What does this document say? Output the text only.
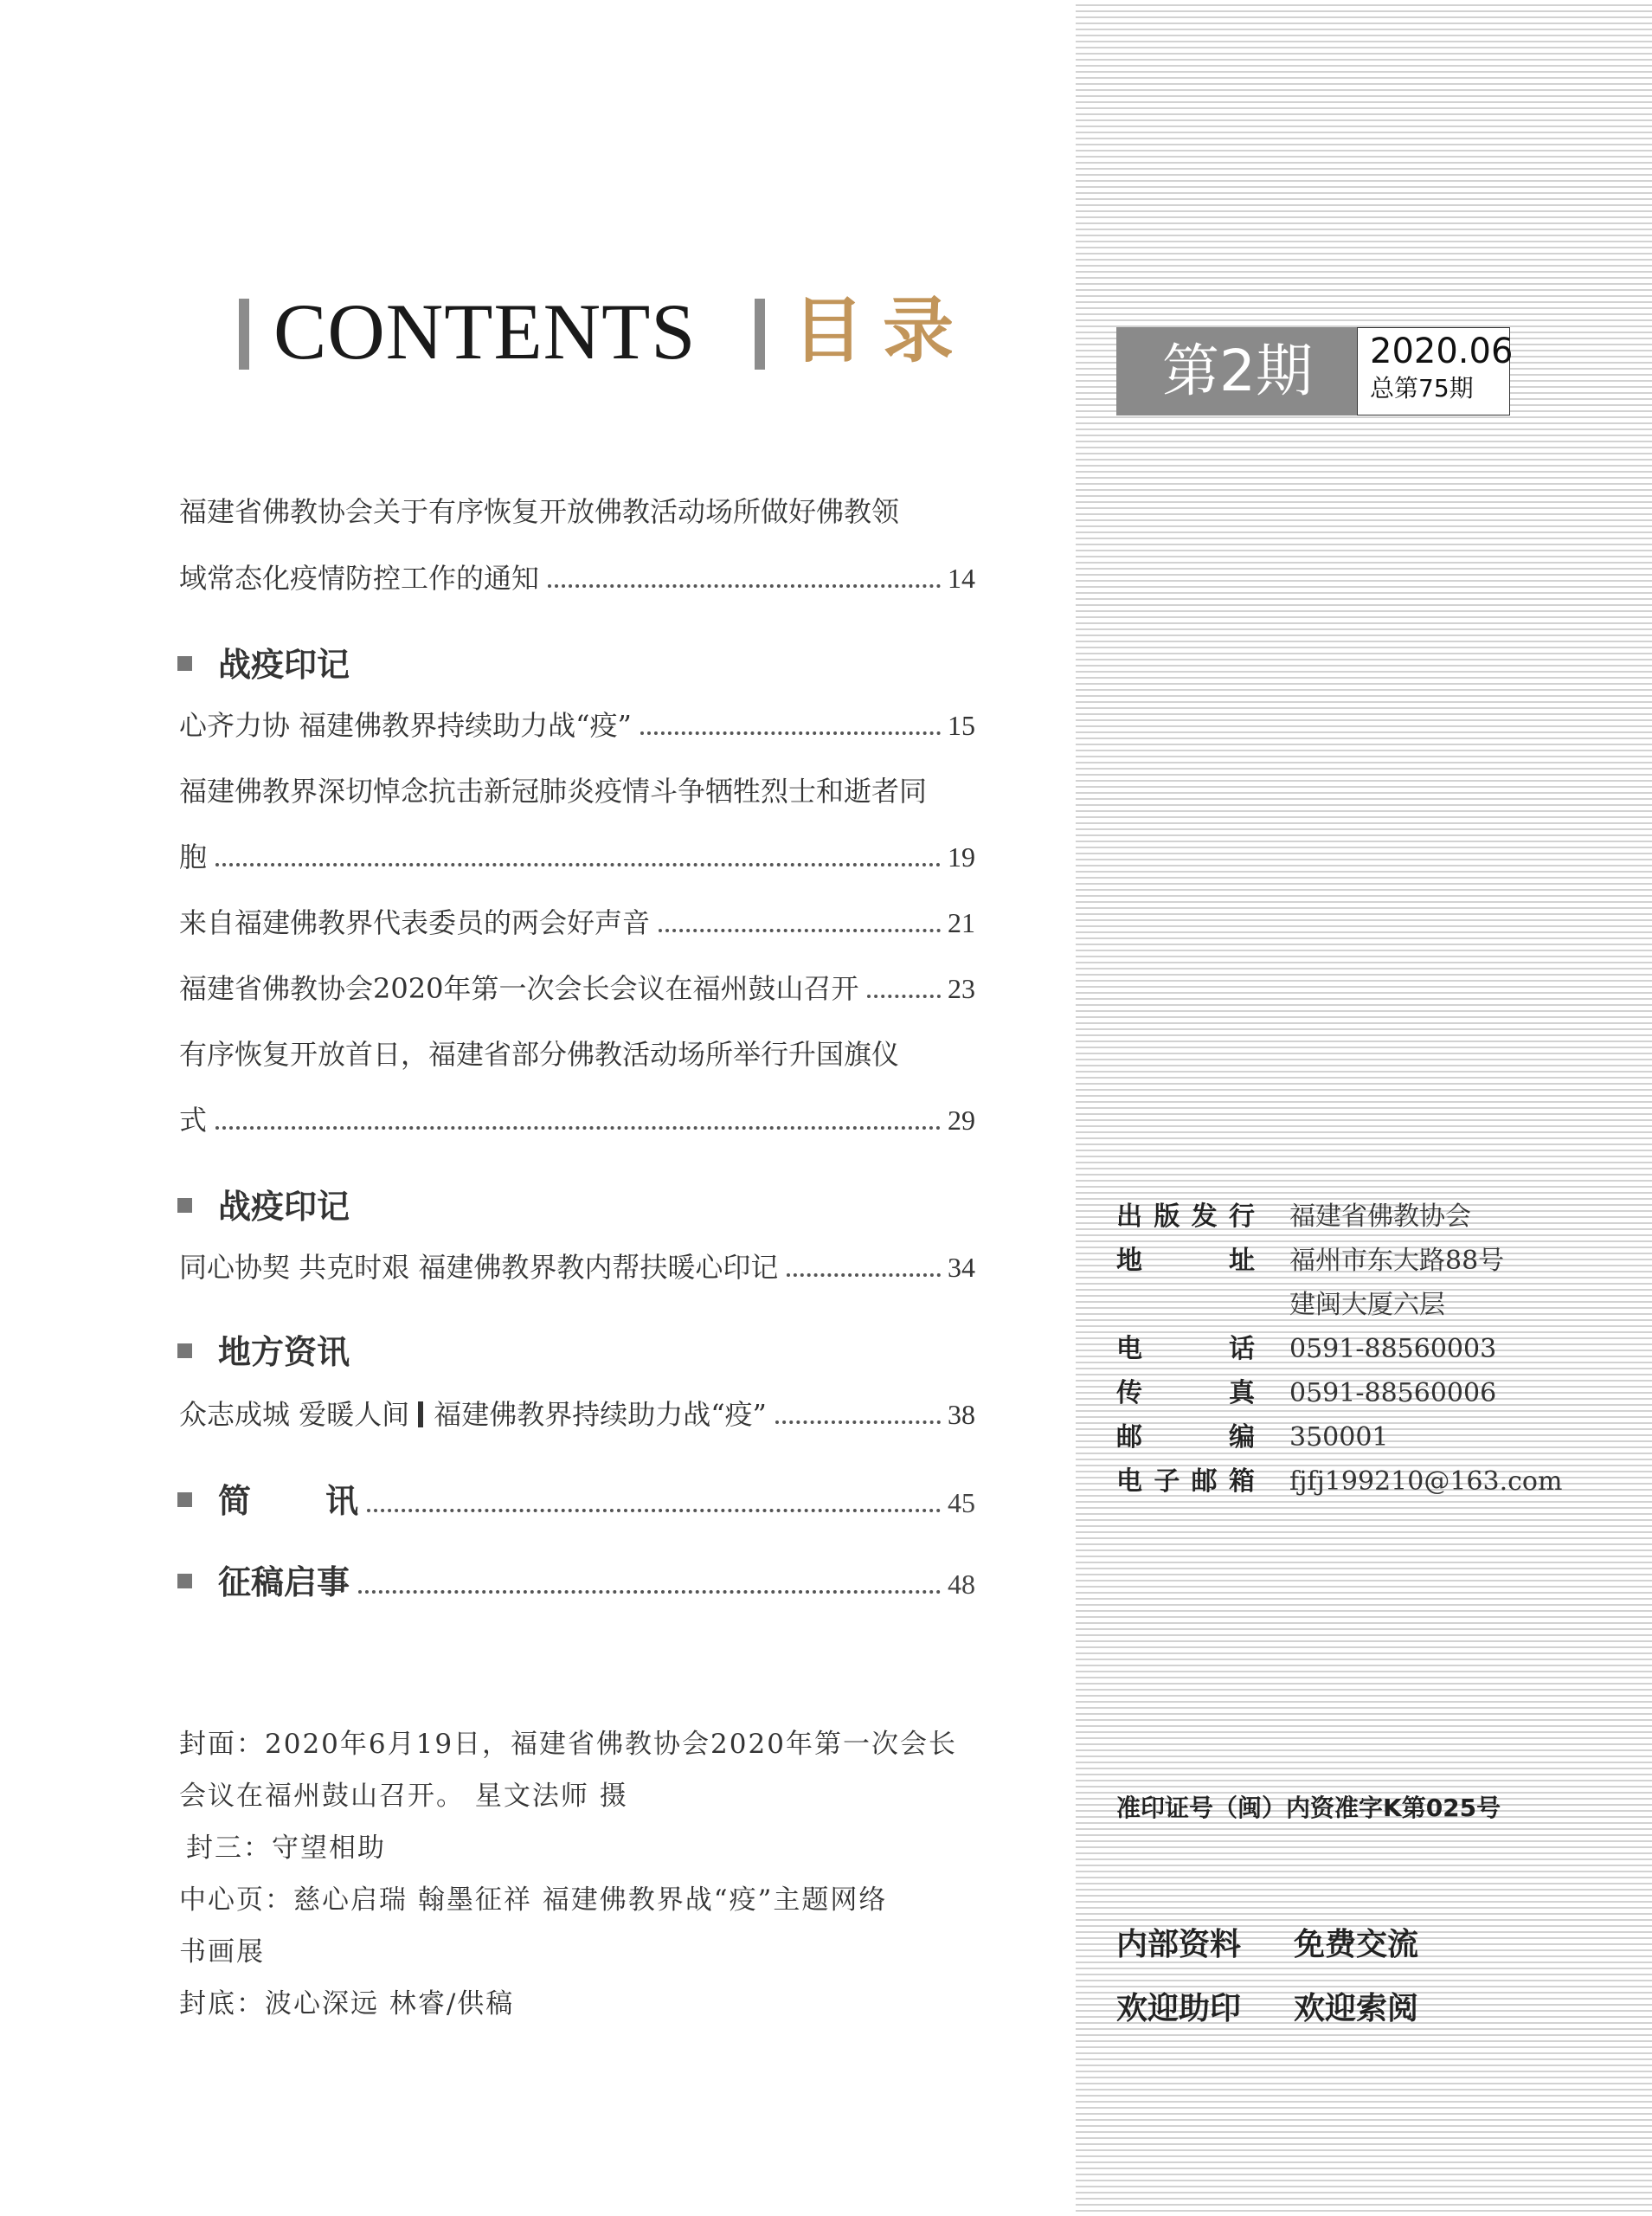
CONTENTS 目录	第2期	2020.06
总第75期
福建省佛教协会关于有序恢复开放佛教活动场所做好佛教领
域常态化疫情防控工作的通知	14
战疫印记
心齐力协 福建佛教界持续助力战“疫”	15
福建佛教界深切悼念抗击新冠肺炎疫情斗争牺牲烈士和逝者同
胞	19
来自福建佛教界代表委员的两会好声音	21
福建省佛教协会2020年第一次会长会议在福州鼓山召开	23
有序恢复开放首日，福建省部分佛教活动场所举行升国旗仪
式	29
战疫印记
同心协契 共克时艰 福建佛教界教内帮扶暖心印记	34
地方资讯
众志成城 爱暖人间 福建佛教界持续助力战“疫”	38
简 讯	45
征稿启事	48
封面：2020年6月19日，福建省佛教协会2020年第一次会长
会议在福州鼓山召开。 星文法师 摄
封三：守望相助
中心页：慈心启瑞 翰墨征祥 福建佛教界战“疫”主题网络
书画展
封底：波心深远 林睿/供稿
出版发行 福建省佛教协会
地址 福州市东大路88号
建闽大厦六层
电话 0591-88560003
传真 0591-88560006
邮编 350001
电子邮箱 fjfj199210@163.com
准印证号（闽）内资准字K第025号
内部资料 免费交流
欢迎助印 欢迎索阅
